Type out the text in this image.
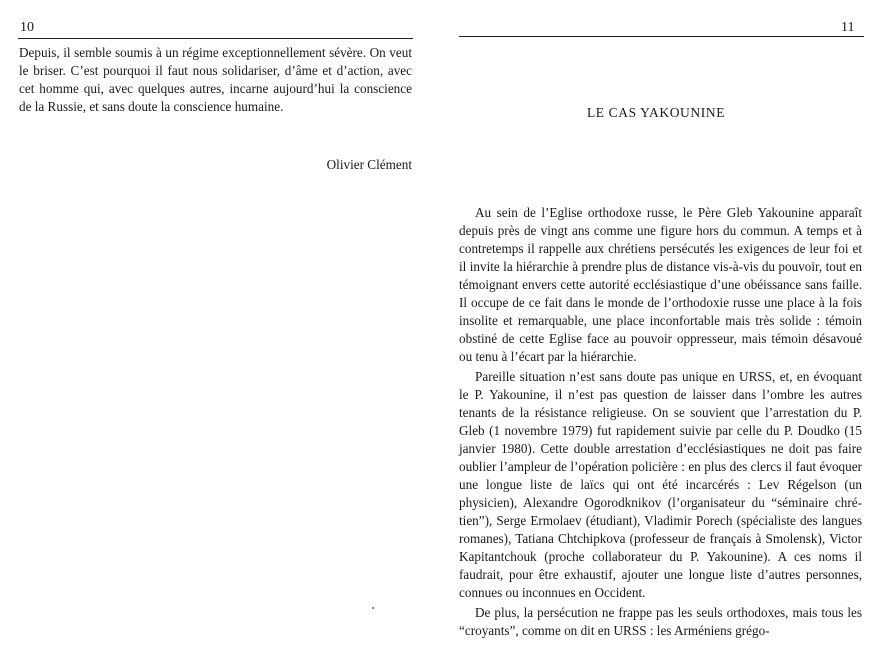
10

Depuis, il semble soumis à un régime exceptionnellement sévère. On veut le briser. C’est pourquoi il faut nous solidariser, d’âme et d’action, avec cet homme qui, avec quelques autres, incarne aujourd’hui la conscience de la Russie, et sans doute la conscience humaine.

Olivier Clément
11
LE CAS YAKOUNINE

Au sein de l’Eglise orthodoxe russe, le Père Gleb Yakounine apparaît depuis près de vingt ans comme une figure hors du commun. A temps et à contretemps il rappelle aux chrétiens persécutés les exigences de leur foi et il invite la hiérarchie à prendre plus de distance vis-à-vis du pouvoir, tout en témoignant envers cette autorité ecclésiastique d’une obéissance sans faille. Il occupe de ce fait dans le monde de l’orthodoxie russe une place à la fois insolite et remarquable, une place inconfortable mais très solide : témoin obstiné de cette Eglise face au pouvoir oppresseur, mais témoin désavoué ou tenu à l’écart par la hiérarchie.

Pareille situation n’est sans doute pas unique en URSS, et, en évoquant le P. Yakounine, il n’est pas question de laisser dans l’ombre les autres tenants de la résistance religieuse. On se souvient que l’arrestation du P. Gleb (1 novembre 1979) fut rapidement suivie par celle du P. Doudko (15 janvier 1980). Cette double arrestation d’ecclésiastiques ne doit pas faire oublier l’ampleur de l’opération policière : en plus des clercs il faut évoquer une longue liste de laïcs qui ont été incarcérés : Lev Régelson (un physicien), Alexandre Ogorodknikov (l’organisateur du “séminaire chrétien”), Serge Ermolaev (étudiant), Vladimir Porech (spécialiste des langues romanes), Tatiana Chtchipkova (professeur de français à Smolensk), Victor Kapitantchouk (proche collaborateur du P. Yakounine). A ces noms il faudrait, pour être exhaustif, ajouter une longue liste d’autres personnes, connues ou inconnues en Occident.

De plus, la persécution ne frappe pas les seuls orthodoxes, mais tous les “croyants”, comme on dit en URSS : les Arméniens grégo-
